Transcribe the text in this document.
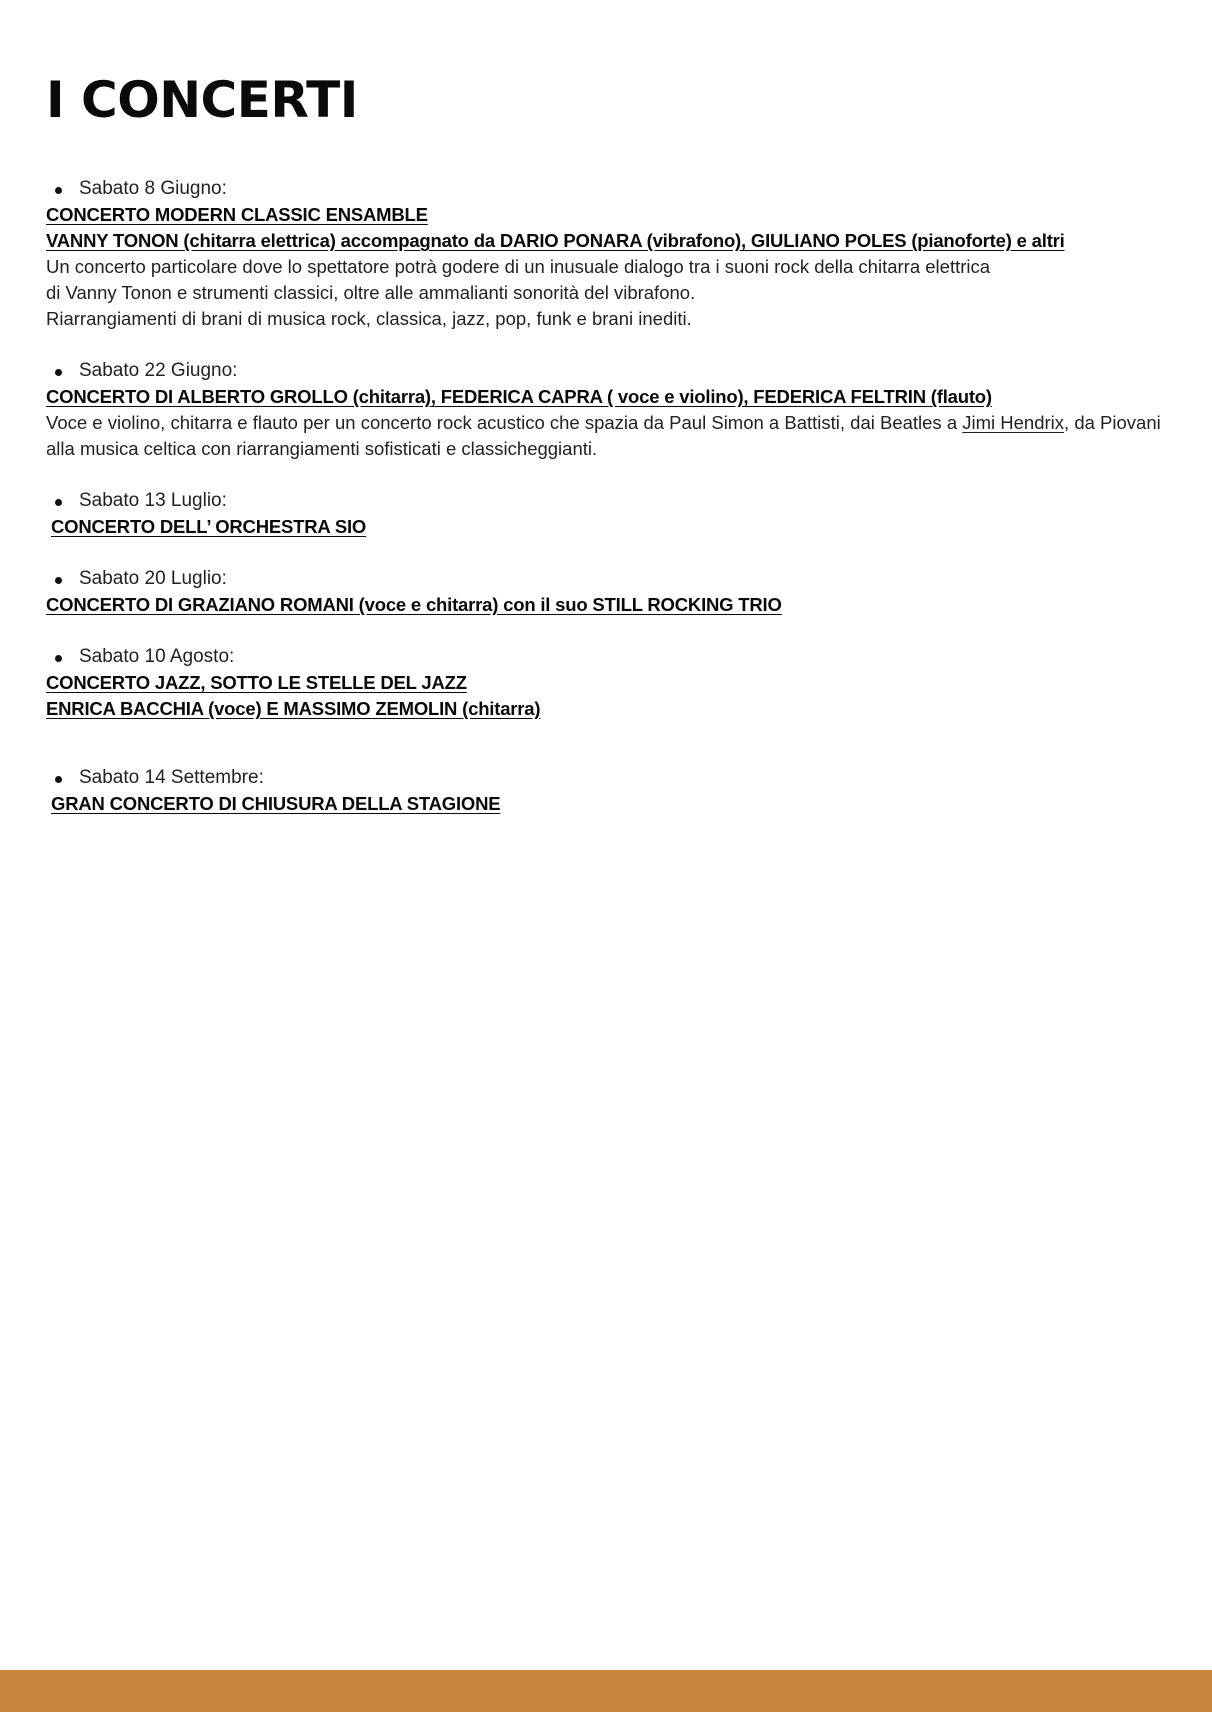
I CONCERTI
Sabato 8 Giugno:
CONCERTO MODERN CLASSIC ENSAMBLE
VANNY TONON (chitarra elettrica) accompagnato da DARIO PONARA (vibrafono), GIULIANO POLES (pianoforte) e altri

Un concerto particolare dove lo spettatore potrà godere di un inusuale dialogo tra i suoni rock della chitarra elettrica
di Vanny Tonon e strumenti classici, oltre alle ammalianti sonorità del vibrafono.
Riarrangiamenti di brani di musica rock, classica, jazz, pop, funk e brani inediti.

Sabato 22 Giugno:
CONCERTO DI ALBERTO GROLLO (chitarra), FEDERICA CAPRA ( voce e violino), FEDERICA FELTRIN (flauto)

Voce e violino, chitarra e flauto per un concerto rock acustico che spazia da Paul Simon a Battisti, dai Beatles a Jimi Hendrix, da Piovani alla musica celtica con riarrangiamenti sofisticati e classicheggianti.

Sabato 13 Luglio:
CONCERTO DELL’ ORCHESTRA SIO
Sabato 20 Luglio:
CONCERTO DI GRAZIANO ROMANI (voce e chitarra) con il suo STILL ROCKING TRIO
Sabato 10 Agosto:
CONCERTO JAZZ, SOTTO LE STELLE DEL JAZZ
ENRICA BACCHIA (voce) E MASSIMO ZEMOLIN (chitarra)
Sabato 14 Settembre:
GRAN CONCERTO DI CHIUSURA DELLA STAGIONE
